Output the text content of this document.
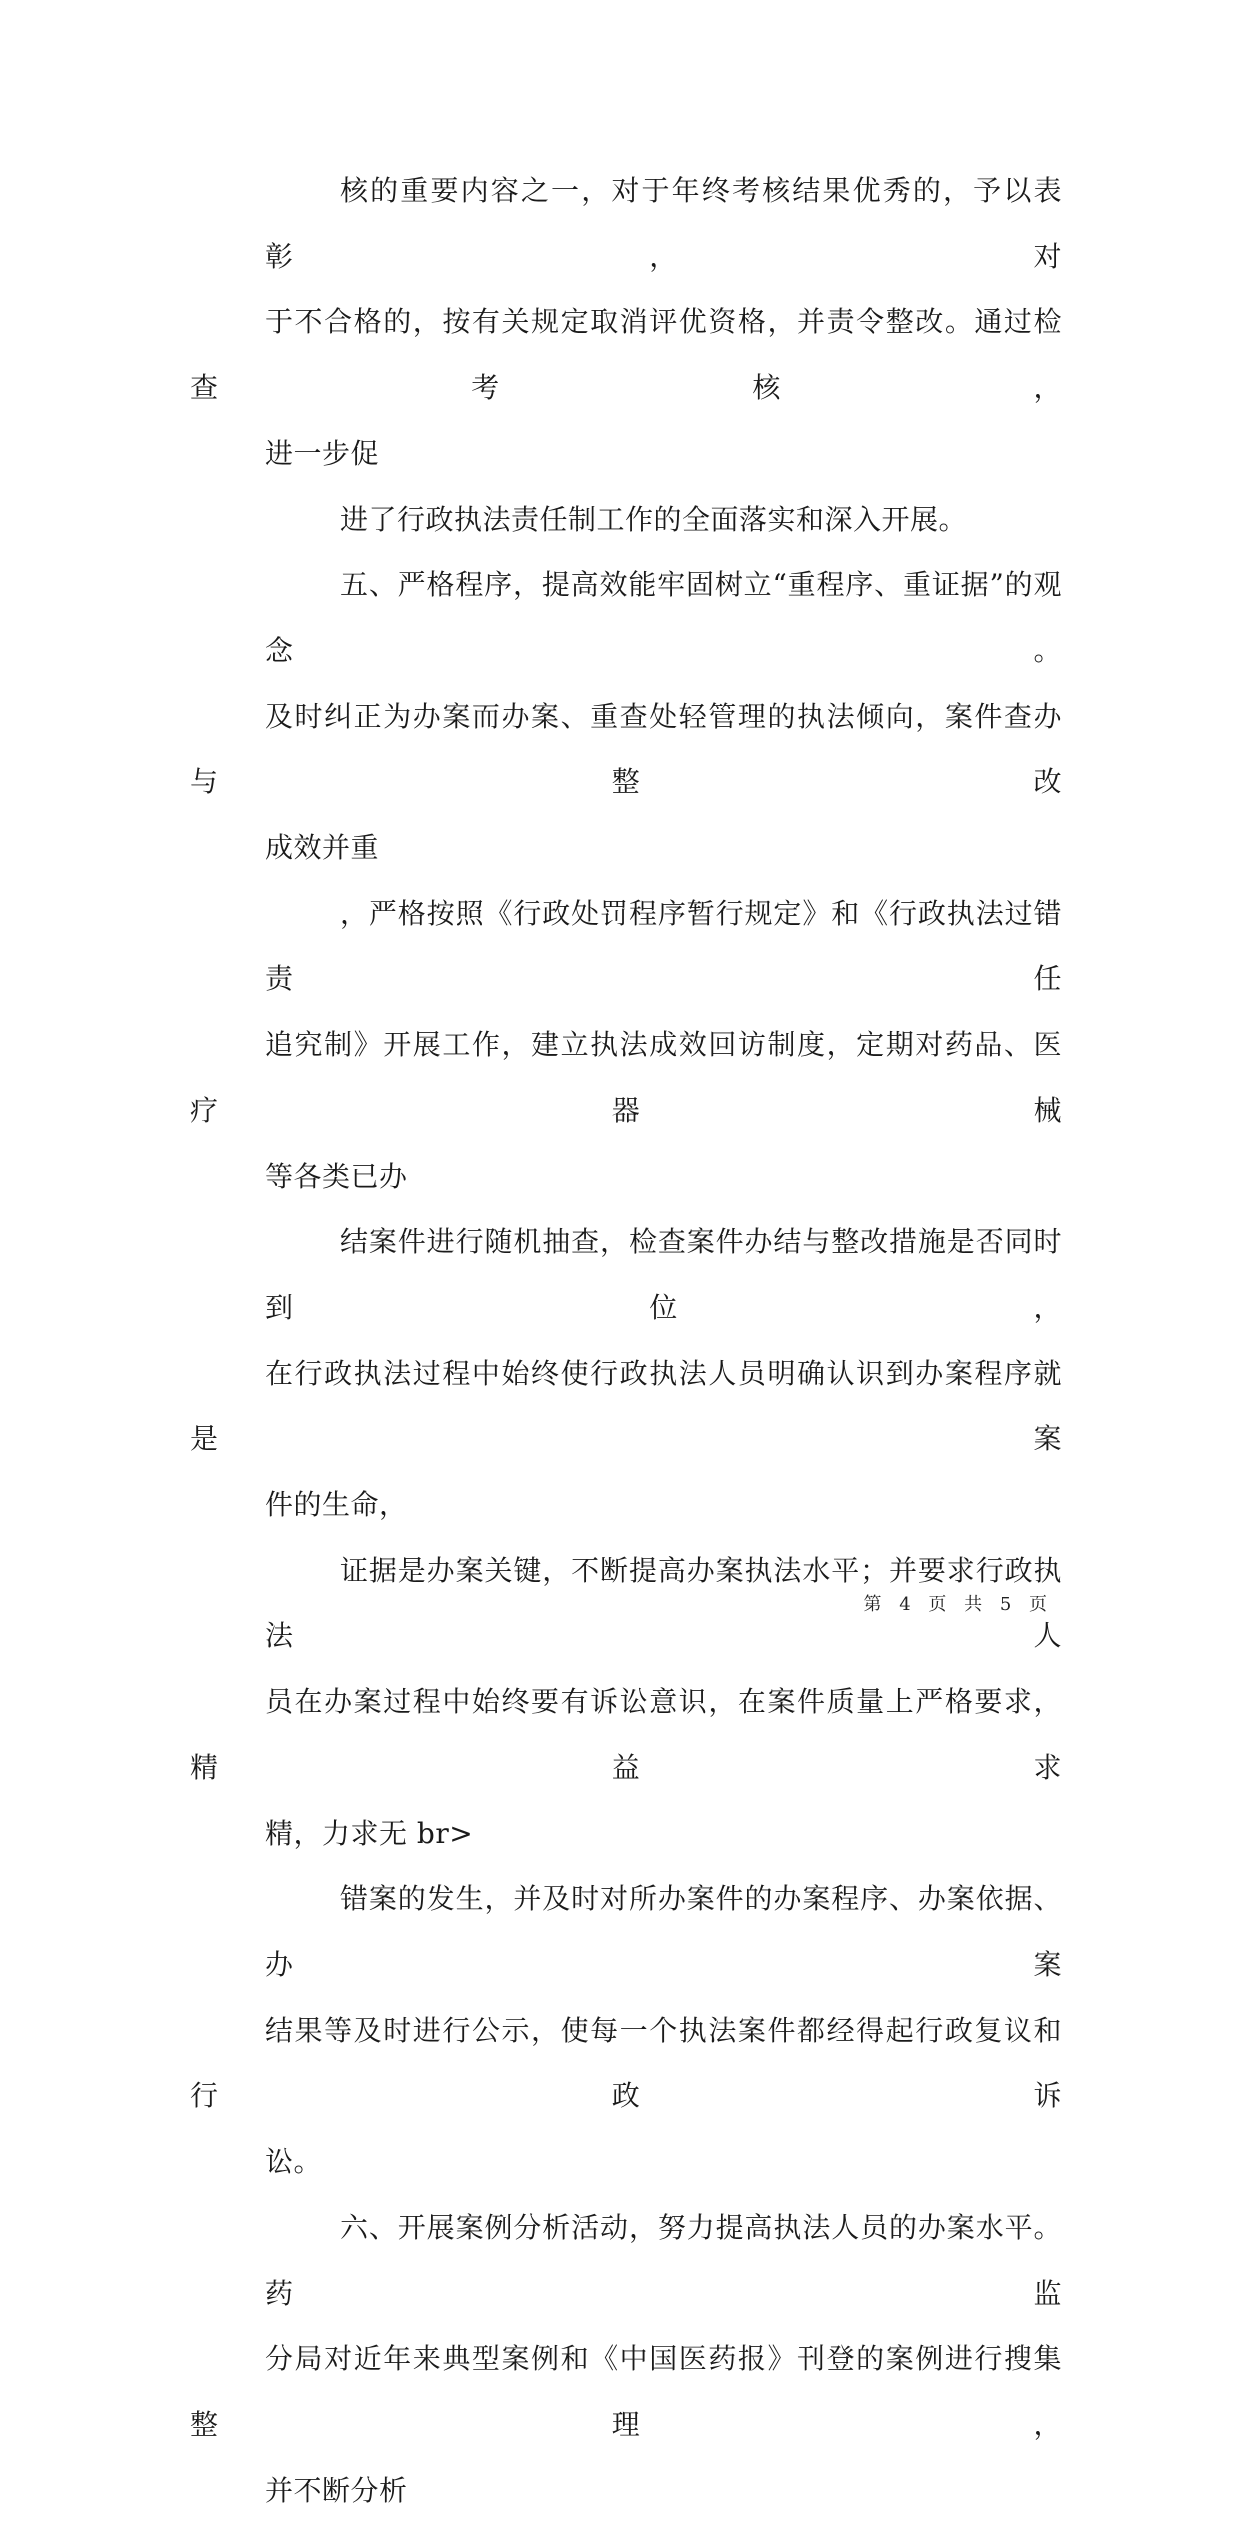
核的重要内容之一，对于年终考核结果优秀的，予以表彰，对
于不合格的，按有关规定取消评优资格，并责令整改。通过检查考核，
进一步促
进了行政执法责任制工作的全面落实和深入开展。
五、严格程序，提高效能牢固树立“重程序、重证据”的观念。
及时纠正为办案而办案、重查处轻管理的执法倾向，案件查办与整改
成效并重
，严格按照《行政处罚程序暂行规定》和《行政执法过错责任
追究制》开展工作，建立执法成效回访制度，定期对药品、医疗器械
等各类已办
结案件进行随机抽查，检查案件办结与整改措施是否同时到位，
在行政执法过程中始终使行政执法人员明确认识到办案程序就是案
件的生命，
证据是办案关键，不断提高办案执法水平；并要求行政执法人
员在办案过程中始终要有诉讼意识，在案件质量上严格要求，精益求
精，力求无 br>
错案的发生，并及时对所办案件的办案程序、办案依据、办案
结果等及时进行公示，使每一个执法案件都经得起行政复议和行政诉
讼。
六、开展案例分析活动，努力提高执法人员的办案水平。药监
分局对近年来典型案例和《中国医药报》刊登的案例进行搜集整理，
并不断分析
第 4 页 共 5 页
